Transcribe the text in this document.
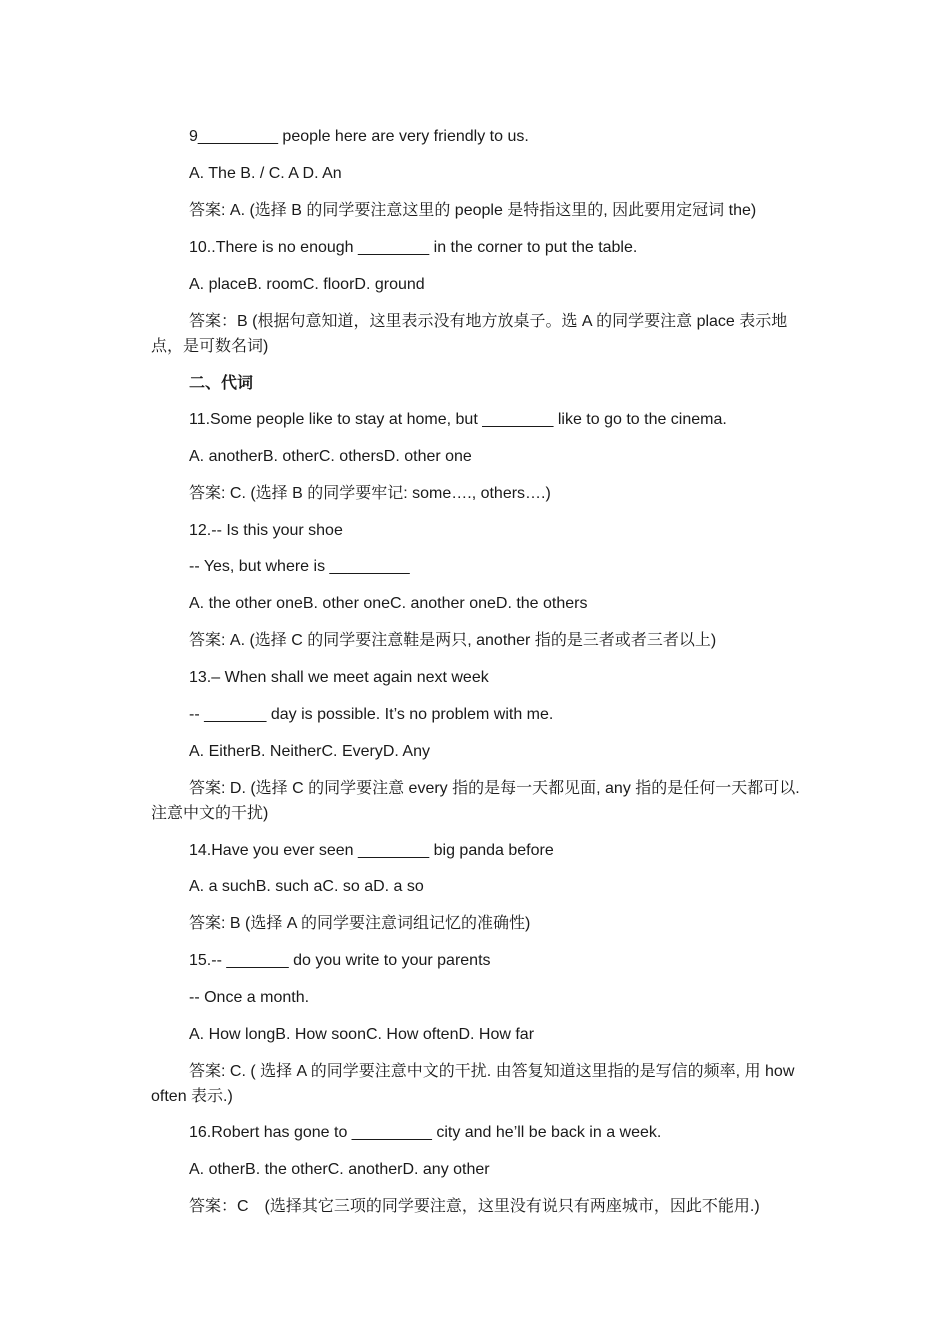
9_________ people here are very friendly to us.
A. The B. / C. A D. An
答案: A. (选择 B 的同学要注意这里的 people 是特指这里的, 因此要用定冠词 the)
10..There is no enough ________ in the corner to put the table.
A. placeB. roomC. floorD. ground
答案：B (根据句意知道，这里表示没有地方放桌子。选 A 的同学要注意 place 表示地点，是可数名词)
二、代词
11.Some people like to stay at home, but ________ like to go to the cinema.
A. anotherB. otherC. othersD. other one
答案: C. (选择 B 的同学要牢记: some…., others….)
12.-- Is this your shoe
-- Yes, but where is _________
A. the other oneB. other oneC. another oneD. the others
答案: A. (选择 C 的同学要注意鞋是两只, another 指的是三者或者三者以上)
13.– When shall we meet again next week
-- _______ day is possible. It’s no problem with me.
A. EitherB. NeitherC. EveryD. Any
答案: D. (选择 C 的同学要注意 every 指的是每一天都见面, any 指的是任何一天都可以.注意中文的干扰)
14.Have you ever seen ________ big panda before
A. a suchB. such aC. so aD. a so
答案: B (选择 A 的同学要注意词组记忆的准确性)
15.-- _______ do you write to your parents
-- Once a month.
A. How longB. How soonC. How oftenD. How far
答案: C. ( 选择 A 的同学要注意中文的干扰. 由答复知道这里指的是写信的频率, 用 how often 表示.)
16.Robert has gone to _________ city and he’ll be back in a week.
A. otherB. the otherC. anotherD. any other
答案：C　(选择其它三项的同学要注意，这里没有说只有两座城市，因此不能用.)
